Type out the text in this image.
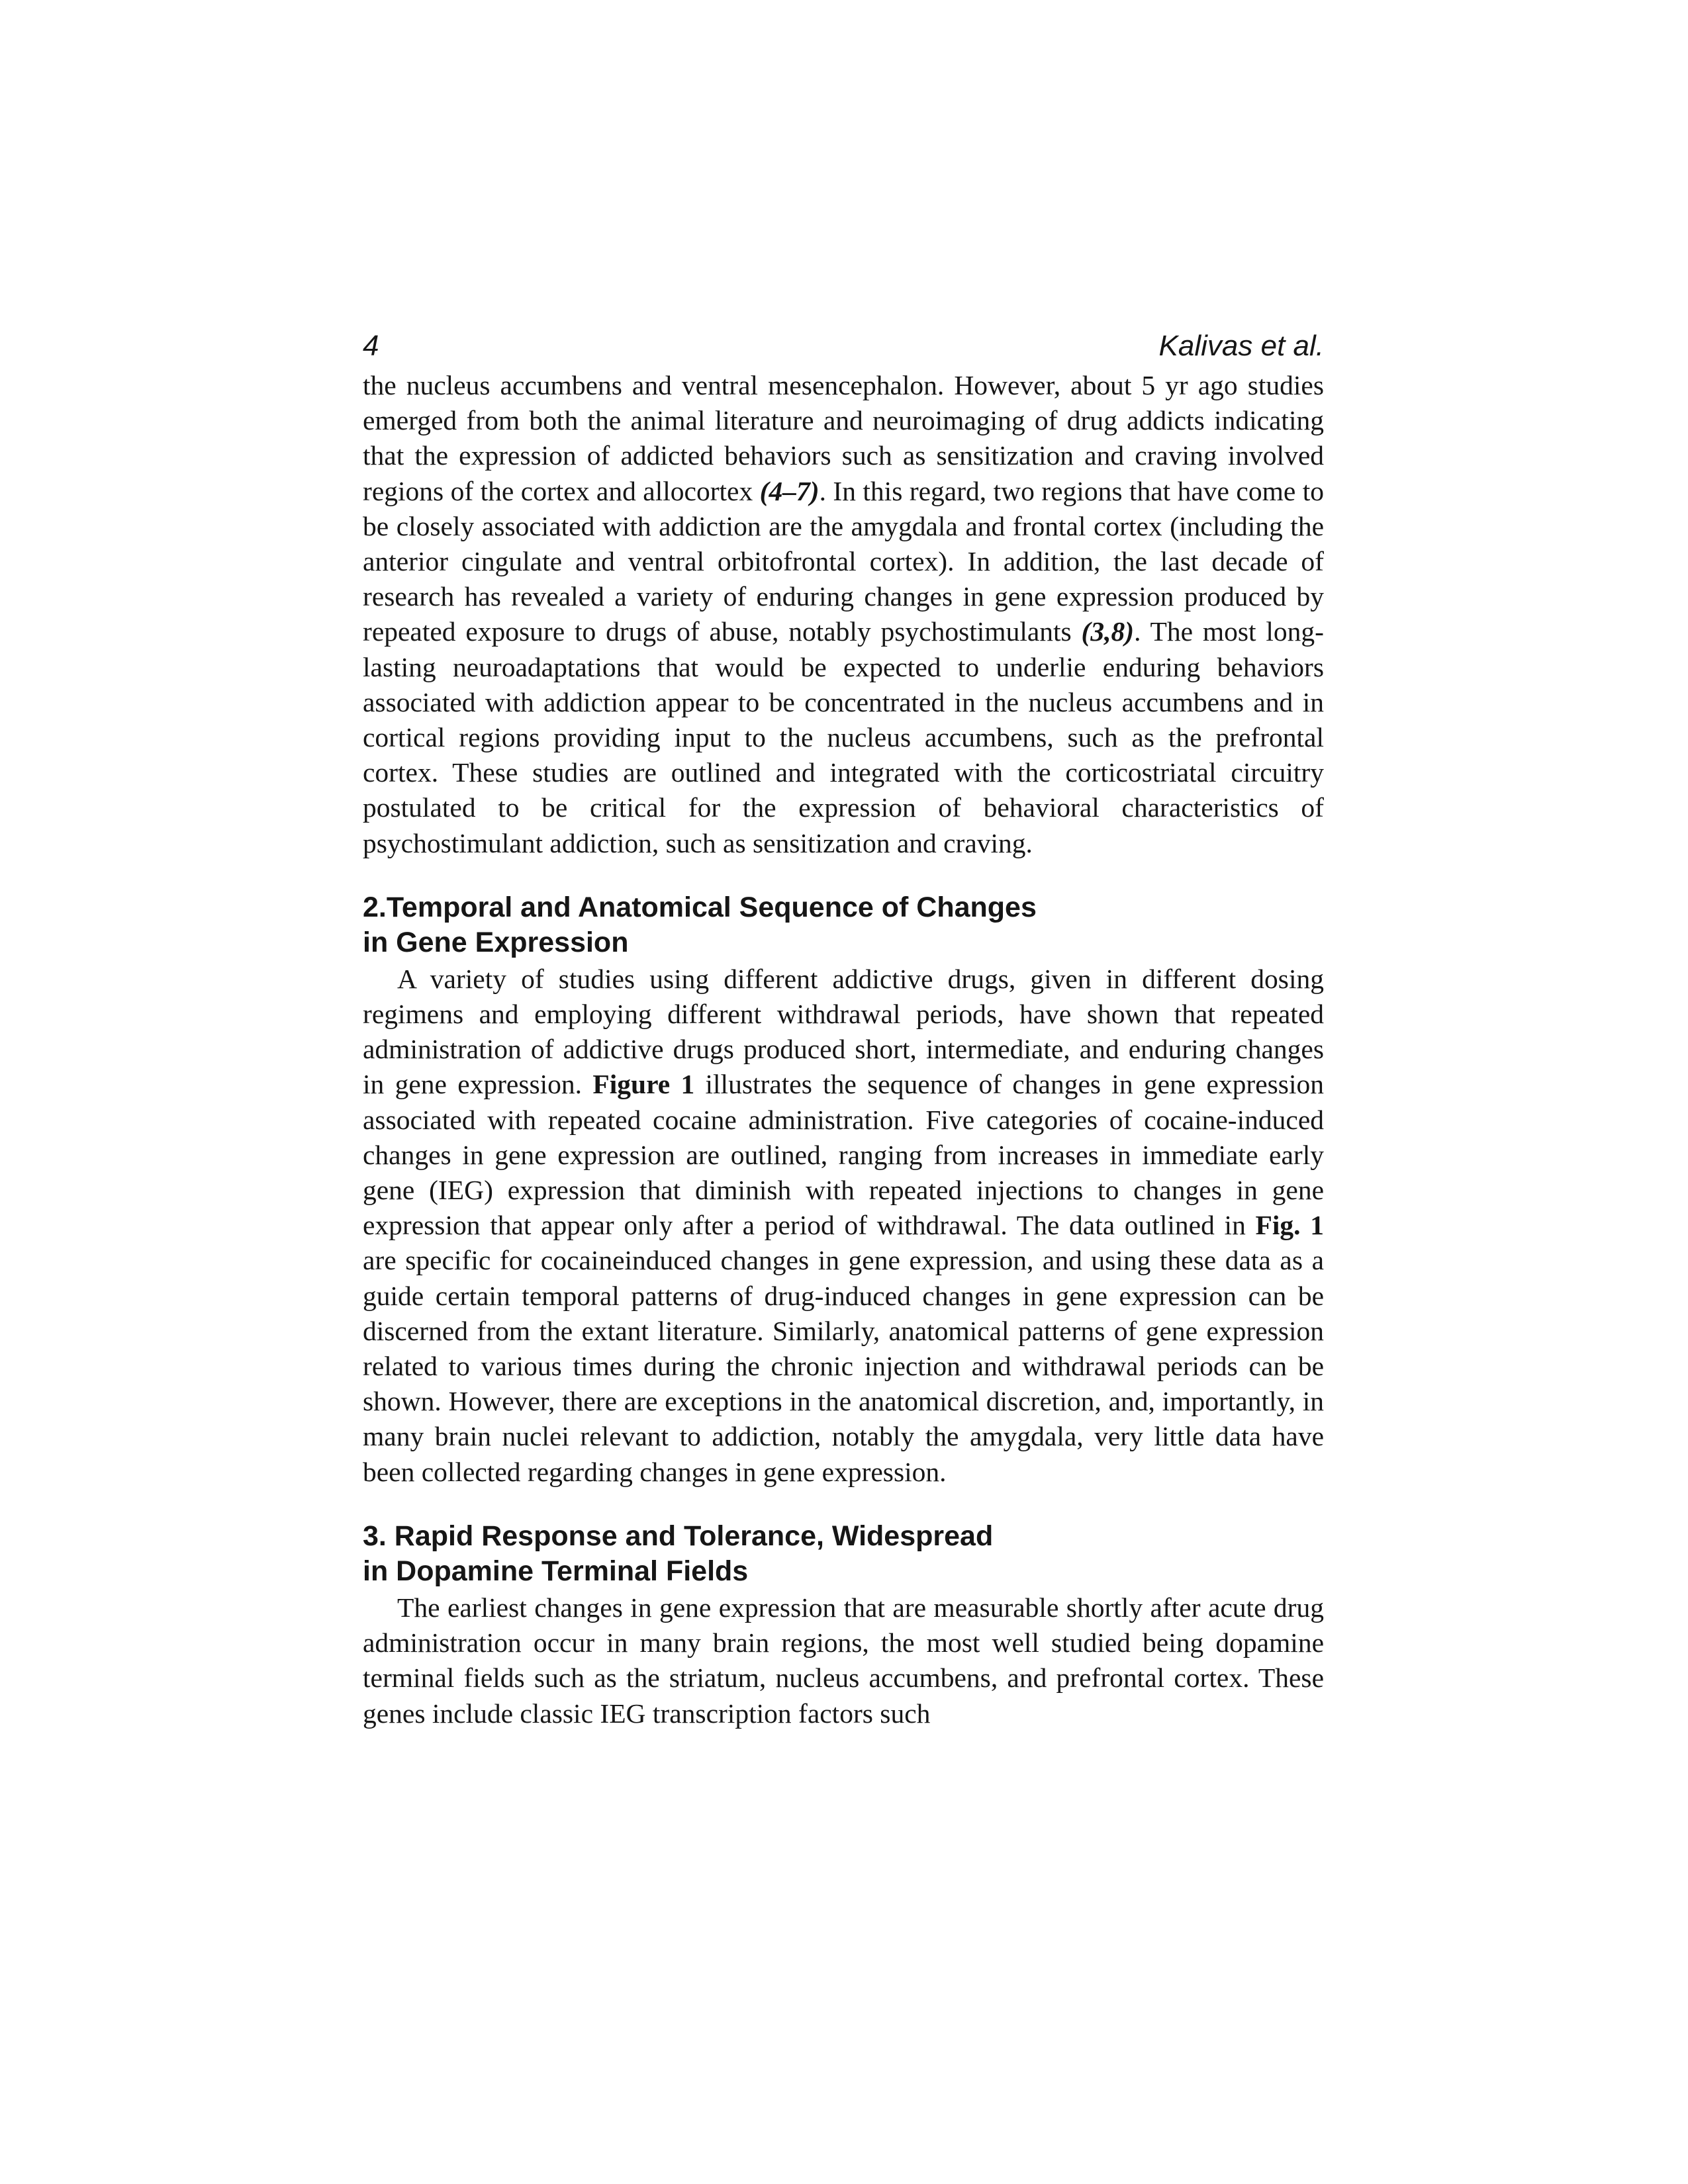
4	Kalivas et al.

the nucleus accumbens and ventral mesencephalon. However, about 5 yr ago studies emerged from both the animal literature and neuroimaging of drug addicts indicating that the expression of addicted behaviors such as sensitization and craving involved regions of the cortex and allocortex (4–7). In this regard, two regions that have come to be closely associated with addiction are the amygdala and frontal cortex (including the anterior cingulate and ventral orbitofrontal cortex). In addition, the last decade of research has revealed a variety of enduring changes in gene expression produced by repeated exposure to drugs of abuse, notably psychostimulants (3,8). The most long-lasting neuroadaptations that would be expected to underlie enduring behaviors associated with addiction appear to be concentrated in the nucleus accumbens and in cortical regions providing input to the nucleus accumbens, such as the prefrontal cortex. These studies are outlined and integrated with the corticostriatal circuitry postulated to be critical for the expression of behavioral characteristics of psychostimulant addiction, such as sensitization and craving.

2.Temporal and Anatomical Sequence of Changes
in Gene Expression

A variety of studies using different addictive drugs, given in different dosing regimens and employing different withdrawal periods, have shown that repeated administration of addictive drugs produced short, intermediate, and enduring changes in gene expression. Figure 1 illustrates the sequence of changes in gene expression associated with repeated cocaine administration. Five categories of cocaine-induced changes in gene expression are outlined, ranging from increases in immediate early gene (IEG) expression that diminish with repeated injections to changes in gene expression that appear only after a period of withdrawal. The data outlined in Fig. 1 are specific for cocaineinduced changes in gene expression, and using these data as a guide certain temporal patterns of drug-induced changes in gene expression can be discerned from the extant literature. Similarly, anatomical patterns of gene expression related to various times during the chronic injection and withdrawal periods can be shown. However, there are exceptions in the anatomical discretion, and, importantly, in many brain nuclei relevant to addiction, notably the amygdala, very little data have been collected regarding changes in gene expression.

3. Rapid Response and Tolerance, Widespread
in Dopamine Terminal Fields

The earliest changes in gene expression that are measurable shortly after acute drug administration occur in many brain regions, the most well studied being dopamine terminal fields such as the striatum, nucleus accumbens, and prefrontal cortex. These genes include classic IEG transcription factors such
